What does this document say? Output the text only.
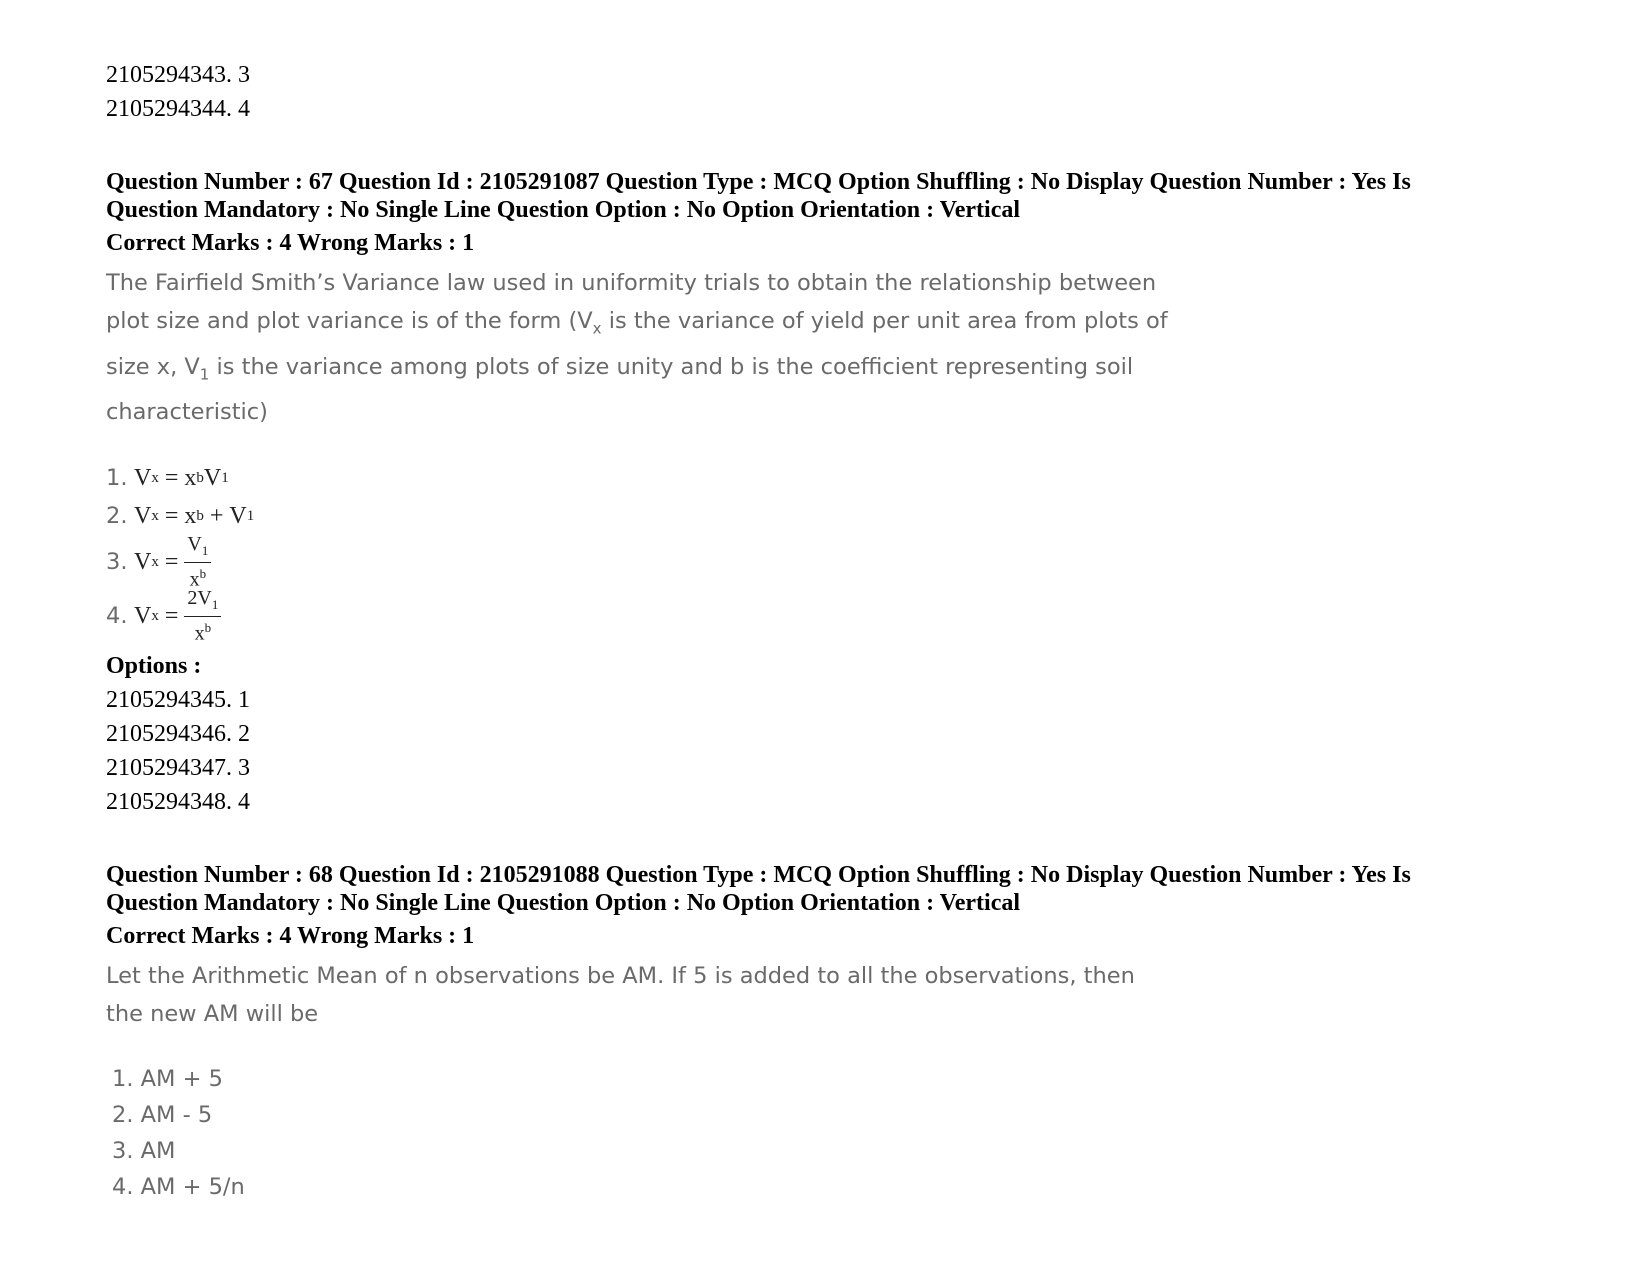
2105294343. 3
2105294344. 4
Question Number : 67 Question Id : 2105291087 Question Type : MCQ Option Shuffling : No Display Question Number : Yes Is
Question Mandatory : No Single Line Question Option : No Option Orientation : Vertical
Correct Marks : 4 Wrong Marks : 1
The Fairfield Smith’s Variance law used in uniformity trials to obtain the relationship between
plot size and plot variance is of the form ($V_x$ is the variance of yield per unit area from plots of
size x, $V_1$ is the variance among plots of size unity and b is the coefficient representing soil
characteristic)
1. V x = x b V 1
2. V x = x b + V 1
3. V $x = \frac{V_1}{x^b}$
4. V $x = \frac{2V_1}{x^b}$
Options :
2105294345. 1
2105294346. 2
2105294347. 3
2105294348. 4
Question Number : 68 Question Id : 2105291088 Question Type : MCQ Option Shuffling : No Display Question Number : Yes Is
Question Mandatory : No Single Line Question Option : No Option Orientation : Vertical
Correct Marks : 4 Wrong Marks : 1
Let the Arithmetic Mean of n observations be AM. If 5 is added to all the observations, then
the new AM will be
1. AM + 5
2. AM - 5
3. AM
4. AM + 5/n
